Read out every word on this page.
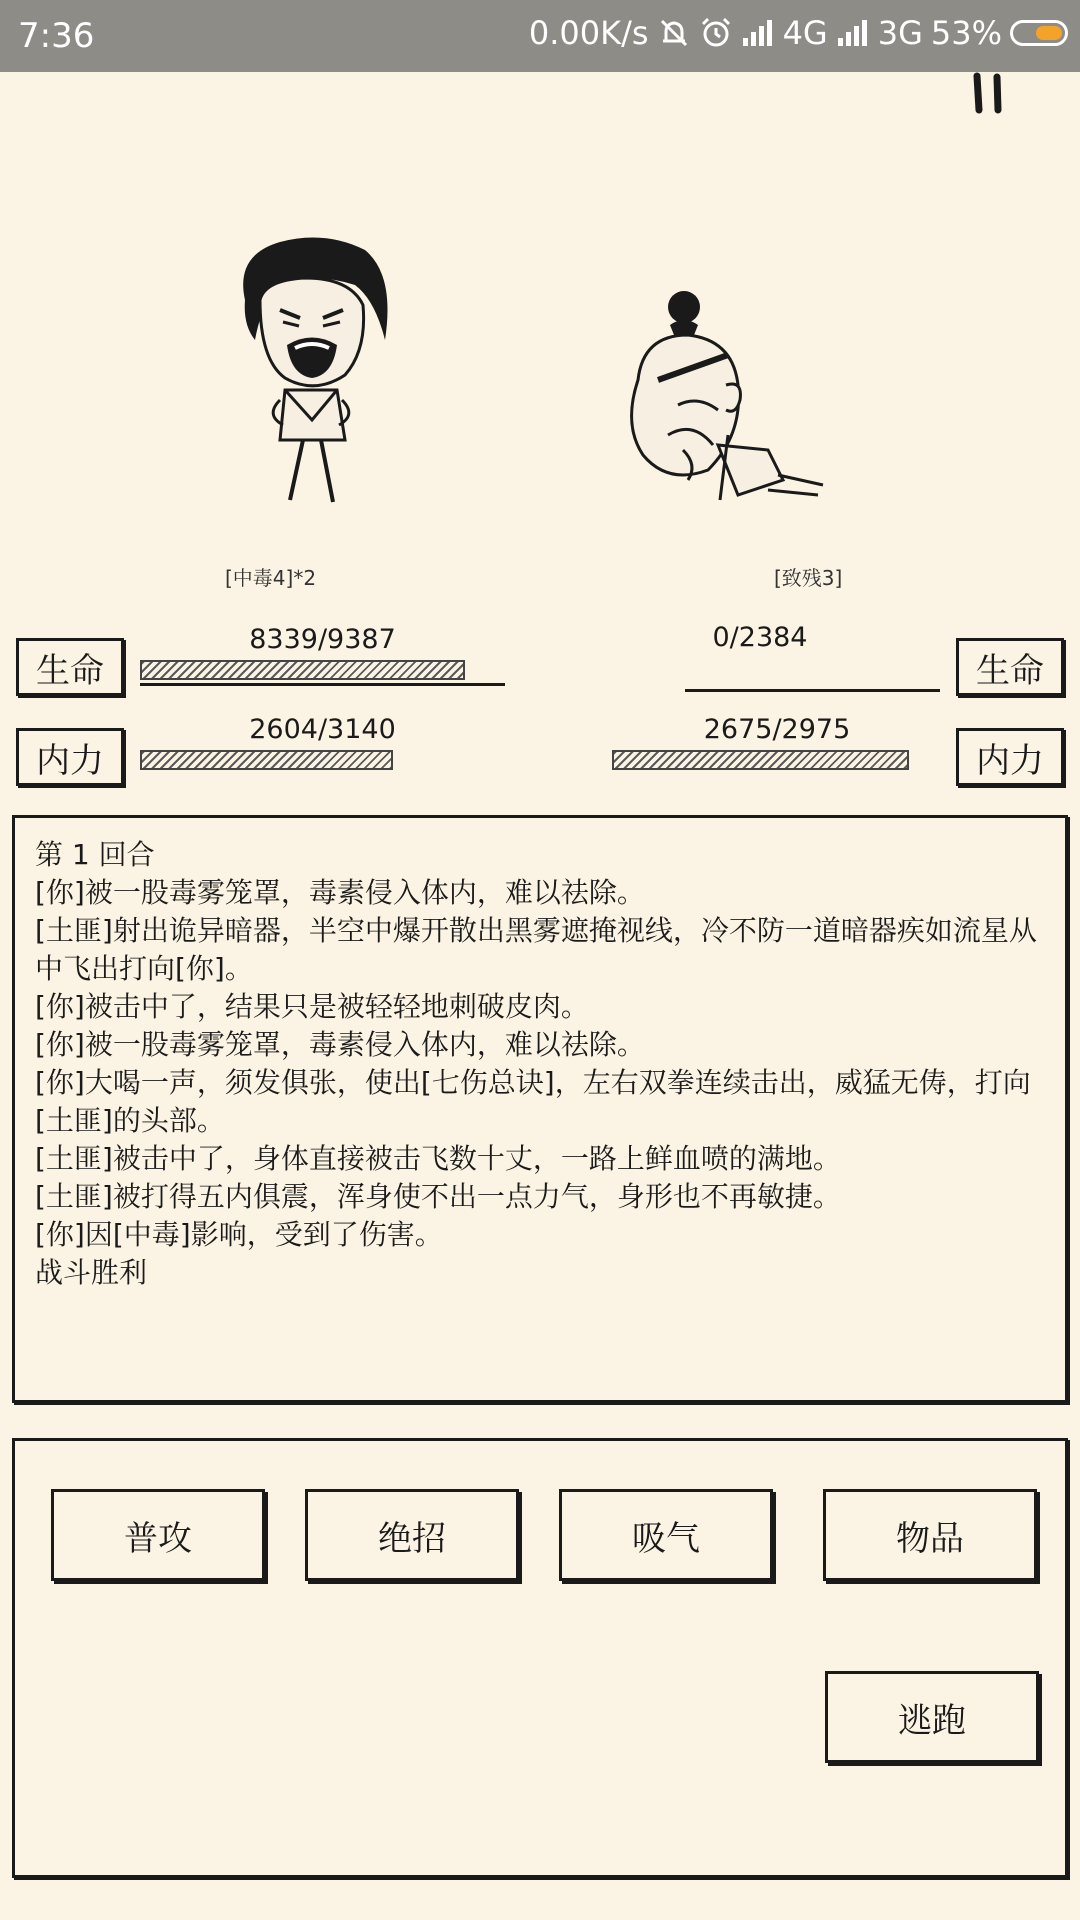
7:36	0.00K/s	4G 3G 53%
[中毒4]*2	[致残3]
生命
8339/9387
内力
2604/3140
生命
0/2384
内力
2675/2975
第 1 回合
[你]被一股毒雾笼罩，毒素侵入体内，难以祛除。
[土匪]射出诡异暗器，半空中爆开散出黑雾遮掩视线，冷不防一道暗器疾如流星从中飞出打向[你]。
[你]被击中了，结果只是被轻轻地刺破皮肉。
[你]被一股毒雾笼罩，毒素侵入体内，难以祛除。
[你]大喝一声，须发俱张，使出[七伤总诀]，左右双拳连续击出，威猛无俦，打向[土匪]的头部。
[土匪]被击中了，身体直接被击飞数十丈，一路上鲜血喷的满地。
[土匪]被打得五内俱震，浑身使不出一点力气，身形也不再敏捷。
[你]因[中毒]影响，受到了伤害。
战斗胜利
普攻	绝招	吸气	物品
逃跑
